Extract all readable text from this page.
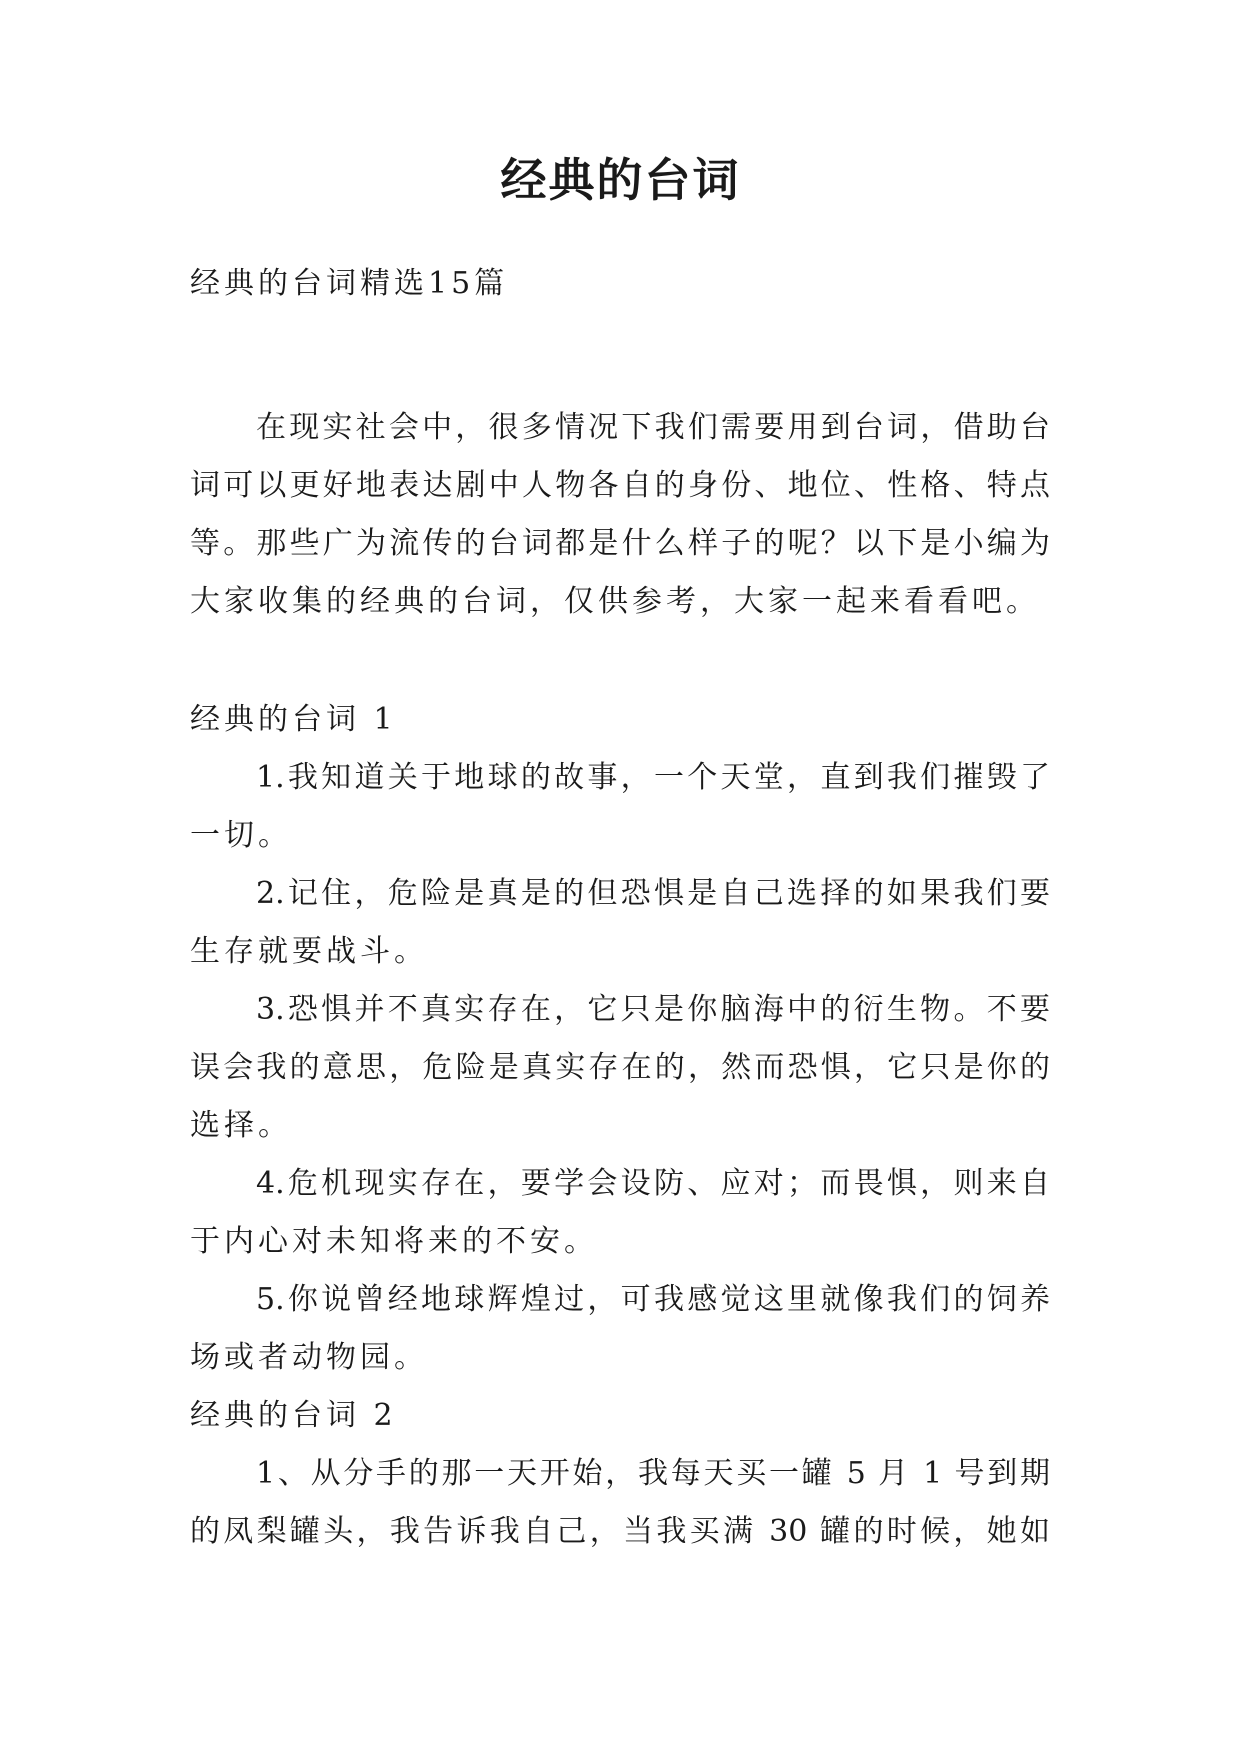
经典的台词
经典的台词精选15篇
在现实社会中，很多情况下我们需要用到台词，借助台
词可以更好地表达剧中人物各自的身份、地位、性格、特点
等。那些广为流传的台词都是什么样子的呢？以下是小编为
大家收集的经典的台词，仅供参考，大家一起来看看吧。
经典的台词 1
1.我知道关于地球的故事，一个天堂，直到我们摧毁了
一切。
2.记住，危险是真是的但恐惧是自己选择的如果我们要
生存就要战斗。
3.恐惧并不真实存在，它只是你脑海中的衍生物。不要
误会我的意思，危险是真实存在的，然而恐惧，它只是你的
选择。
4.危机现实存在，要学会设防、应对；而畏惧，则来自
于内心对未知将来的不安。
5.你说曾经地球辉煌过，可我感觉这里就像我们的饲养
场或者动物园。
经典的台词 2
1、从分手的那一天开始，我每天买一罐 5 月 1 号到期
的凤梨罐头，我告诉我自己，当我买满 30 罐的时候，她如
